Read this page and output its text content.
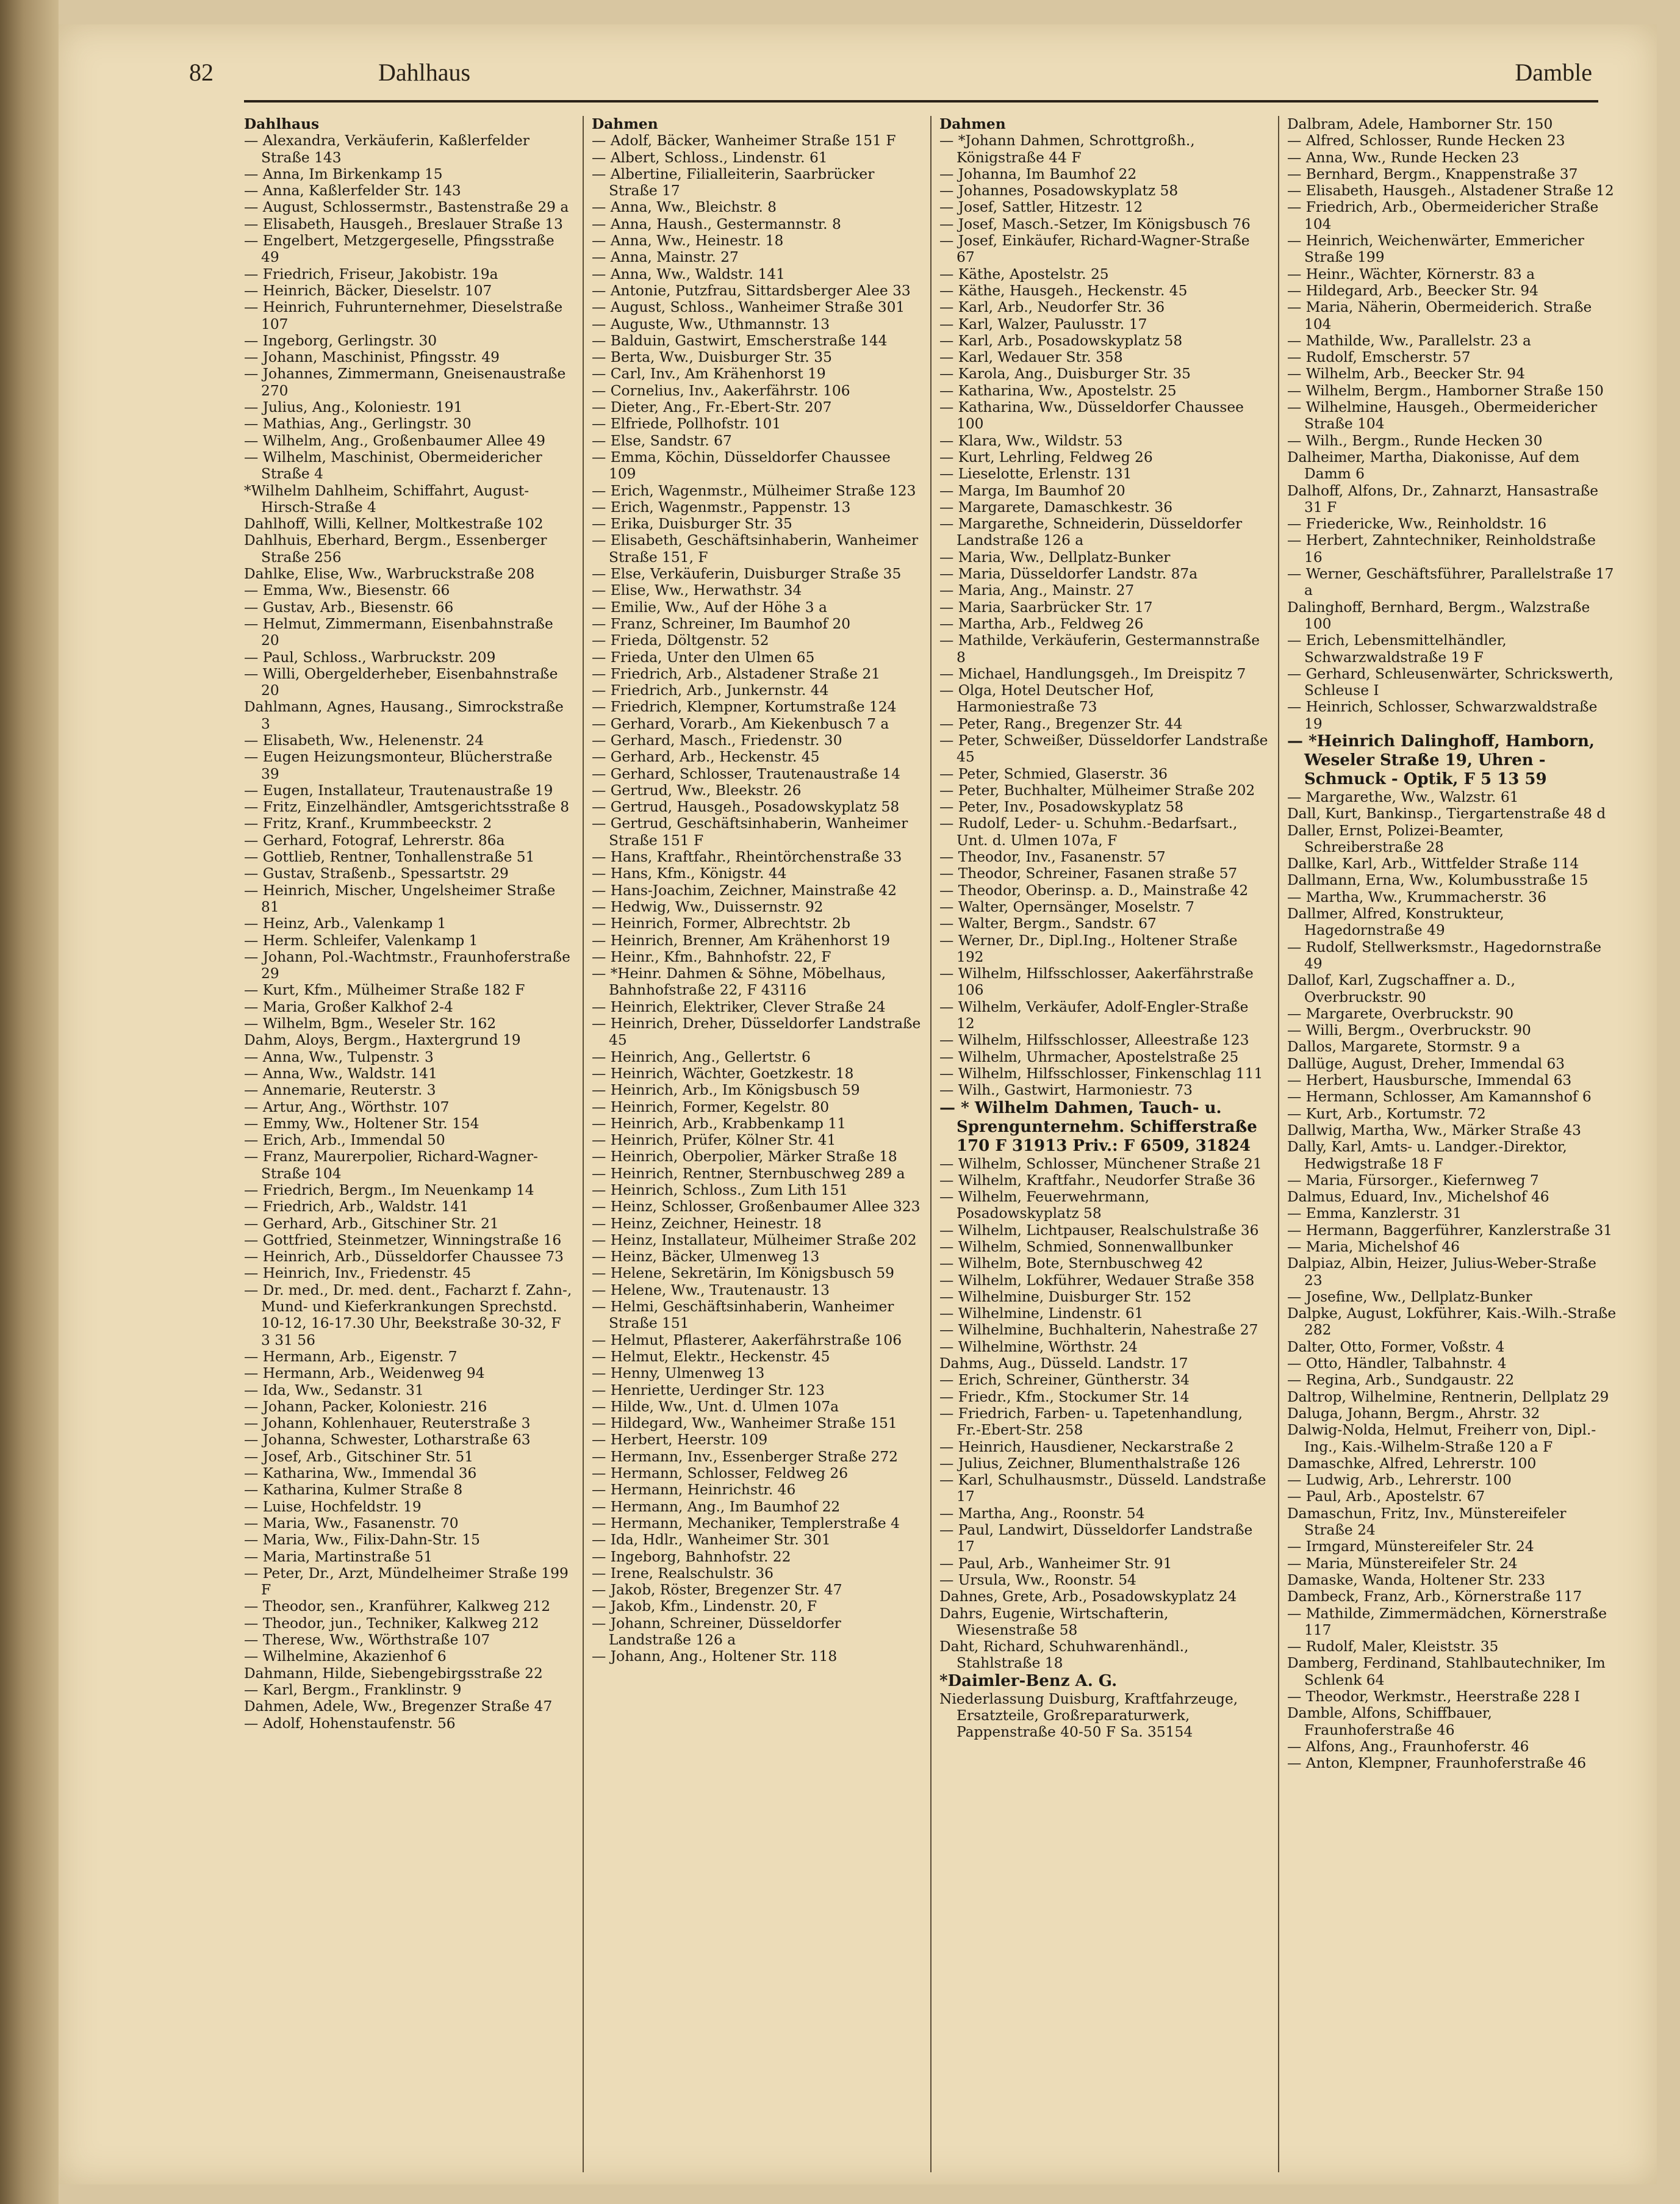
82	Dahlhaus	Damble

Dahlhaus

— Alexandra, Verkäuferin, Kaßlerfelder Straße 143

— Anna, Im Birkenkamp 15

— Anna, Kaßlerfelder Str. 143

— August, Schlossermstr., Bastenstraße 29 a

— Elisabeth, Hausgeh., Breslauer Straße 13

— Engelbert, Metzgergeselle, Pfingsstraße 49

— Friedrich, Friseur, Jakobistr. 19a

— Heinrich, Bäcker, Dieselstr. 107

— Heinrich, Fuhrunternehmer, Dieselstraße 107

— Ingeborg, Gerlingstr. 30

— Johann, Maschinist, Pfingsstr. 49

— Johannes, Zimmermann, Gneisenaustraße 270

— Julius, Ang., Koloniestr. 191

— Mathias, Ang., Gerlingstr. 30

— Wilhelm, Ang., Großenbaumer Allee 49

— Wilhelm, Maschinist, Obermeidericher Straße 4

*Wilhelm Dahlheim, Schiffahrt, August-Hirsch-Straße 4

Dahlhoff, Willi, Kellner, Moltkestraße 102

Dahlhuis, Eberhard, Bergm., Essenberger Straße 256

Dahlke, Elise, Ww., Warbruckstraße 208

— Emma, Ww., Biesenstr. 66

— Gustav, Arb., Biesenstr. 66

— Helmut, Zimmermann, Eisenbahnstraße 20

— Paul, Schloss., Warbruckstr. 209

— Willi, Obergelderheber, Eisenbahnstraße 20

Dahlmann, Agnes, Hausang., Simrockstraße 3

— Elisabeth, Ww., Helenenstr. 24

— Eugen Heizungsmonteur, Blücherstraße 39

— Eugen, Installateur, Trautenaustraße 19

— Fritz, Einzelhändler, Amtsgerichtsstraße 8

— Fritz, Kranf., Krummbeeckstr. 2

— Gerhard, Fotograf, Lehrerstr. 86a

— Gottlieb, Rentner, Tonhallenstraße 51

— Gustav, Straßenb., Spessartstr. 29

— Heinrich, Mischer, Ungelsheimer Straße 81

— Heinz, Arb., Valenkamp 1

— Herm. Schleifer, Valenkamp 1

— Johann, Pol.-Wachtmstr., Fraunhoferstraße 29

— Kurt, Kfm., Mülheimer Straße 182 F

— Maria, Großer Kalkhof 2-4

— Wilhelm, Bgm., Weseler Str. 162

Dahm, Aloys, Bergm., Haxtergrund 19

— Anna, Ww., Tulpenstr. 3

— Anna, Ww., Waldstr. 141

— Annemarie, Reuterstr. 3

— Artur, Ang., Wörthstr. 107

— Emmy, Ww., Holtener Str. 154

— Erich, Arb., Immendal 50

— Franz, Maurerpolier, Richard-Wagner-Straße 104

— Friedrich, Bergm., Im Neuenkamp 14

— Friedrich, Arb., Waldstr. 141

— Gerhard, Arb., Gitschiner Str. 21

— Gottfried, Steinmetzer, Winningstraße 16

— Heinrich, Arb., Düsseldorfer Chaussee 73

— Heinrich, Inv., Friedenstr. 45

— Dr. med., Dr. med. dent., Facharzt f. Zahn-, Mund- und Kieferkrankungen Sprechstd. 10-12, 16-17.30 Uhr, Beekstraße 30-32, F 3 31 56

— Hermann, Arb., Eigenstr. 7

— Hermann, Arb., Weidenweg 94

— Ida, Ww., Sedanstr. 31

— Johann, Packer, Koloniestr. 216

— Johann, Kohlenhauer, Reuterstraße 3

— Johanna, Schwester, Lotharstraße 63

— Josef, Arb., Gitschiner Str. 51

— Katharina, Ww., Immendal 36

— Katharina, Kulmer Straße 8

— Luise, Hochfeldstr. 19

— Maria, Ww., Fasanenstr. 70

— Maria, Ww., Filix-Dahn-Str. 15

— Maria, Martinstraße 51

— Peter, Dr., Arzt, Mündelheimer Straße 199 F

— Theodor, sen., Kranführer, Kalkweg 212

— Theodor, jun., Techniker, Kalkweg 212

— Therese, Ww., Wörthstraße 107

— Wilhelmine, Akazienhof 6

Dahmann, Hilde, Siebengebirgsstraße 22

— Karl, Bergm., Franklinstr. 9

Dahmen, Adele, Ww., Bregenzer Straße 47

— Adolf, Hohenstaufenstr. 56

Dahmen

— Adolf, Bäcker, Wanheimer Straße 151 F

— Albert, Schloss., Lindenstr. 61

— Albertine, Filialleiterin, Saarbrücker Straße 17

— Anna, Ww., Bleichstr. 8

— Anna, Haush., Gestermannstr. 8

— Anna, Ww., Heinestr. 18

— Anna, Mainstr. 27

— Anna, Ww., Waldstr. 141

— Antonie, Putzfrau, Sittardsberger Alee 33

— August, Schloss., Wanheimer Straße 301

— Auguste, Ww., Uthmannstr. 13

— Balduin, Gastwirt, Emscherstraße 144

— Berta, Ww., Duisburger Str. 35

— Carl, Inv., Am Krähenhorst 19

— Cornelius, Inv., Aakerfährstr. 106

— Dieter, Ang., Fr.-Ebert-Str. 207

— Elfriede, Pollhofstr. 101

— Else, Sandstr. 67

— Emma, Köchin, Düsseldorfer Chaussee 109

— Erich, Wagenmstr., Mülheimer Straße 123

— Erich, Wagenmstr., Pappenstr. 13

— Erika, Duisburger Str. 35

— Elisabeth, Geschäftsinhaberin, Wanheimer Straße 151, F

— Else, Verkäuferin, Duisburger Straße 35

— Elise, Ww., Herwathstr. 34

— Emilie, Ww., Auf der Höhe 3 a

— Franz, Schreiner, Im Baumhof 20

— Frieda, Döltgenstr. 52

— Frieda, Unter den Ulmen 65

— Friedrich, Arb., Alstadener Straße 21

— Friedrich, Arb., Junkernstr. 44

— Friedrich, Klempner, Kortumstraße 124

— Gerhard, Vorarb., Am Kiekenbusch 7 a

— Gerhard, Masch., Friedenstr. 30

— Gerhard, Arb., Heckenstr. 45

— Gerhard, Schlosser, Trautenaustraße 14

— Gertrud, Ww., Bleekstr. 26

— Gertrud, Hausgeh., Posadowskyplatz 58

— Gertrud, Geschäftsinhaberin, Wanheimer Straße 151 F

— Hans, Kraftfahr., Rheintörchenstraße 33

— Hans, Kfm., Königstr. 44

— Hans-Joachim, Zeichner, Mainstraße 42

— Hedwig, Ww., Duissernstr. 92

— Heinrich, Former, Albrechtstr. 2b

— Heinrich, Brenner, Am Krähenhorst 19

— Heinr., Kfm., Bahnhofstr. 22, F

— *Heinr. Dahmen & Söhne, Möbelhaus, Bahnhofstraße 22, F 43116

— Heinrich, Elektriker, Clever Straße 24

— Heinrich, Dreher, Düsseldorfer Landstraße 45

— Heinrich, Ang., Gellertstr. 6

— Heinrich, Wächter, Goetzkestr. 18

— Heinrich, Arb., Im Königsbusch 59

— Heinrich, Former, Kegelstr. 80

— Heinrich, Arb., Krabbenkamp 11

— Heinrich, Prüfer, Kölner Str. 41

— Heinrich, Oberpolier, Märker Straße 18

— Heinrich, Rentner, Sternbuschweg 289 a

— Heinrich, Schloss., Zum Lith 151

— Heinz, Schlosser, Großenbaumer Allee 323

— Heinz, Zeichner, Heinestr. 18

— Heinz, Installateur, Mülheimer Straße 202

— Heinz, Bäcker, Ulmenweg 13

— Helene, Sekretärin, Im Königsbusch 59

— Helene, Ww., Trautenaustr. 13

— Helmi, Geschäftsinhaberin, Wanheimer Straße 151

— Helmut, Pflasterer, Aakerfährstraße 106

— Helmut, Elektr., Heckenstr. 45

— Henny, Ulmenweg 13

— Henriette, Uerdinger Str. 123

— Hilde, Ww., Unt. d. Ulmen 107a

— Hildegard, Ww., Wanheimer Straße 151

— Herbert, Heerstr. 109

— Hermann, Inv., Essenberger Straße 272

— Hermann, Schlosser, Feldweg 26

— Hermann, Heinrichstr. 46

— Hermann, Ang., Im Baumhof 22

— Hermann, Mechaniker, Templerstraße 4

— Ida, Hdlr., Wanheimer Str. 301

— Ingeborg, Bahnhofstr. 22

— Irene, Realschulstr. 36

— Jakob, Röster, Bregenzer Str. 47

— Jakob, Kfm., Lindenstr. 20, F

— Johann, Schreiner, Düsseldorfer Landstraße 126 a

— Johann, Ang., Holtener Str. 118

Dahmen

— *Johann Dahmen, Schrottgroßh., Königstraße 44 F

— Johanna, Im Baumhof 22

— Johannes, Posadowskyplatz 58

— Josef, Sattler, Hitzestr. 12

— Josef, Masch.-Setzer, Im Königsbusch 76

— Josef, Einkäufer, Richard-Wagner-Straße 67

— Käthe, Apostelstr. 25

— Käthe, Hausgeh., Heckenstr. 45

— Karl, Arb., Neudorfer Str. 36

— Karl, Walzer, Paulusstr. 17

— Karl, Arb., Posadowskyplatz 58

— Karl, Wedauer Str. 358

— Karola, Ang., Duisburger Str. 35

— Katharina, Ww., Apostelstr. 25

— Katharina, Ww., Düsseldorfer Chaussee 100

— Klara, Ww., Wildstr. 53

— Kurt, Lehrling, Feldweg 26

— Lieselotte, Erlenstr. 131

— Marga, Im Baumhof 20

— Margarete, Damaschkestr. 36

— Margarethe, Schneiderin, Düsseldorfer Landstraße 126 a

— Maria, Ww., Dellplatz-Bunker

— Maria, Düsseldorfer Landstr. 87a

— Maria, Ang., Mainstr. 27

— Maria, Saarbrücker Str. 17

— Martha, Arb., Feldweg 26

— Mathilde, Verkäuferin, Gestermannstraße 8

— Michael, Handlungsgeh., Im Dreispitz 7

— Olga, Hotel Deutscher Hof, Harmoniestraße 73

— Peter, Rang., Bregenzer Str. 44

— Peter, Schweißer, Düsseldorfer Landstraße 45

— Peter, Schmied, Glaserstr. 36

— Peter, Buchhalter, Mülheimer Straße 202

— Peter, Inv., Posadowskyplatz 58

— Rudolf, Leder- u. Schuhm.-Bedarfsart., Unt. d. Ulmen 107a, F

— Theodor, Inv., Fasanenstr. 57

— Theodor, Schreiner, Fasanen straße 57

— Theodor, Oberinsp. a. D., Mainstraße 42

— Walter, Opernsänger, Moselstr. 7

— Walter, Bergm., Sandstr. 67

— Werner, Dr., Dipl.Ing., Holtener Straße 192

— Wilhelm, Hilfsschlosser, Aakerfährstraße 106

— Wilhelm, Verkäufer, Adolf-Engler-Straße 12

— Wilhelm, Hilfsschlosser, Alleestraße 123

— Wilhelm, Uhrmacher, Apostelstraße 25

— Wilhelm, Hilfsschlosser, Finkenschlag 111

— Wilh., Gastwirt, Harmoniestr. 73

— * Wilhelm Dahmen, Tauch- u. Sprengunternehm. Schifferstraße 170 F 31913 Priv.: F 6509, 31824

— Wilhelm, Schlosser, Münchener Straße 21

— Wilhelm, Kraftfahr., Neudorfer Straße 36

— Wilhelm, Feuerwehrmann, Posadowskyplatz 58

— Wilhelm, Lichtpauser, Realschulstraße 36

— Wilhelm, Schmied, Sonnenwallbunker

— Wilhelm, Bote, Sternbuschweg 42

— Wilhelm, Lokführer, Wedauer Straße 358

— Wilhelmine, Duisburger Str. 152

— Wilhelmine, Lindenstr. 61

— Wilhelmine, Buchhalterin, Nahestraße 27

— Wilhelmine, Wörthstr. 24

Dahms, Aug., Düsseld. Landstr. 17

— Erich, Schreiner, Güntherstr. 34

— Friedr., Kfm., Stockumer Str. 14

— Friedrich, Farben- u. Tapetenhandlung, Fr.-Ebert-Str. 258

— Heinrich, Hausdiener, Neckarstraße 2

— Julius, Zeichner, Blumenthalstraße 126

— Karl, Schulhausmstr., Düsseld. Landstraße 17

— Martha, Ang., Roonstr. 54

— Paul, Landwirt, Düsseldorfer Landstraße 17

— Paul, Arb., Wanheimer Str. 91

— Ursula, Ww., Roonstr. 54

Dahnes, Grete, Arb., Posadowskyplatz 24

Dahrs, Eugenie, Wirtschafterin, Wiesenstraße 58

Daht, Richard, Schuhwarenhändl., Stahlstraße 18

*Daimler-Benz A. G.

Niederlassung Duisburg, Kraftfahrzeuge, Ersatzteile, Großreparaturwerk, Pappenstraße 40-50 F Sa. 35154

Dalbram, Adele, Hamborner Str. 150

— Alfred, Schlosser, Runde Hecken 23

— Anna, Ww., Runde Hecken 23

— Bernhard, Bergm., Knappenstraße 37

— Elisabeth, Hausgeh., Alstadener Straße 12

— Friedrich, Arb., Obermeidericher Straße 104

— Heinrich, Weichenwärter, Emmericher Straße 199

— Heinr., Wächter, Körnerstr. 83 a

— Hildegard, Arb., Beecker Str. 94

— Maria, Näherin, Obermeiderich. Straße 104

— Mathilde, Ww., Parallelstr. 23 a

— Rudolf, Emscherstr. 57

— Wilhelm, Arb., Beecker Str. 94

— Wilhelm, Bergm., Hamborner Straße 150

— Wilhelmine, Hausgeh., Obermeidericher Straße 104

— Wilh., Bergm., Runde Hecken 30

Dalheimer, Martha, Diakonisse, Auf dem Damm 6

Dalhoff, Alfons, Dr., Zahnarzt, Hansastraße 31 F

— Friedericke, Ww., Reinholdstr. 16

— Herbert, Zahntechniker, Reinholdstraße 16

— Werner, Geschäftsführer, Parallelstraße 17 a

Dalinghoff, Bernhard, Bergm., Walzstraße 100

— Erich, Lebensmittelhändler, Schwarzwaldstraße 19 F

— Gerhard, Schleusenwärter, Schrickswerth, Schleuse I

— Heinrich, Schlosser, Schwarzwaldstraße 19

— *Heinrich Dalinghoff, Hamborn, Weseler Straße 19, Uhren - Schmuck - Optik, F 5 13 59

— Margarethe, Ww., Walzstr. 61

Dall, Kurt, Bankinsp., Tiergartenstraße 48 d

Daller, Ernst, Polizei-Beamter, Schreiberstraße 28

Dallke, Karl, Arb., Wittfelder Straße 114

Dallmann, Erna, Ww., Kolumbusstraße 15

— Martha, Ww., Krummacherstr. 36

Dallmer, Alfred, Konstrukteur, Hagedornstraße 49

— Rudolf, Stellwerksmstr., Hagedornstraße 49

Dallof, Karl, Zugschaffner a. D., Overbruckstr. 90

— Margarete, Overbruckstr. 90

— Willi, Bergm., Overbruckstr. 90

Dallos, Margarete, Stormstr. 9 a

Dallüge, August, Dreher, Immendal 63

— Herbert, Hausbursche, Immendal 63

— Hermann, Schlosser, Am Kamannshof 6

— Kurt, Arb., Kortumstr. 72

Dallwig, Martha, Ww., Märker Straße 43

Dally, Karl, Amts- u. Landger.-Direktor, Hedwigstraße 18 F

— Maria, Fürsorger., Kiefernweg 7

Dalmus, Eduard, Inv., Michelshof 46

— Emma, Kanzlerstr. 31

— Hermann, Baggerführer, Kanzlerstraße 31

— Maria, Michelshof 46

Dalpiaz, Albin, Heizer, Julius-Weber-Straße 23

— Josefine, Ww., Dellplatz-Bunker

Dalpke, August, Lokführer, Kais.-Wilh.-Straße 282

Dalter, Otto, Former, Voßstr. 4

— Otto, Händler, Talbahnstr. 4

— Regina, Arb., Sundgaustr. 22

Daltrop, Wilhelmine, Rentnerin, Dellplatz 29

Daluga, Johann, Bergm., Ahrstr. 32

Dalwig-Nolda, Helmut, Freiherr von, Dipl.-Ing., Kais.-Wilhelm-Straße 120 a F

Damaschke, Alfred, Lehrerstr. 100

— Ludwig, Arb., Lehrerstr. 100

— Paul, Arb., Apostelstr. 67

Damaschun, Fritz, Inv., Münstereifeler Straße 24

— Irmgard, Münstereifeler Str. 24

— Maria, Münstereifeler Str. 24

Damaske, Wanda, Holtener Str. 233

Dambeck, Franz, Arb., Körnerstraße 117

— Mathilde, Zimmermädchen, Körnerstraße 117

— Rudolf, Maler, Kleiststr. 35

Damberg, Ferdinand, Stahlbautechniker, Im Schlenk 64

— Theodor, Werkmstr., Heerstraße 228 I

Damble, Alfons, Schiffbauer, Fraunhoferstraße 46

— Alfons, Ang., Fraunhoferstr. 46

— Anton, Klempner, Fraunhoferstraße 46
